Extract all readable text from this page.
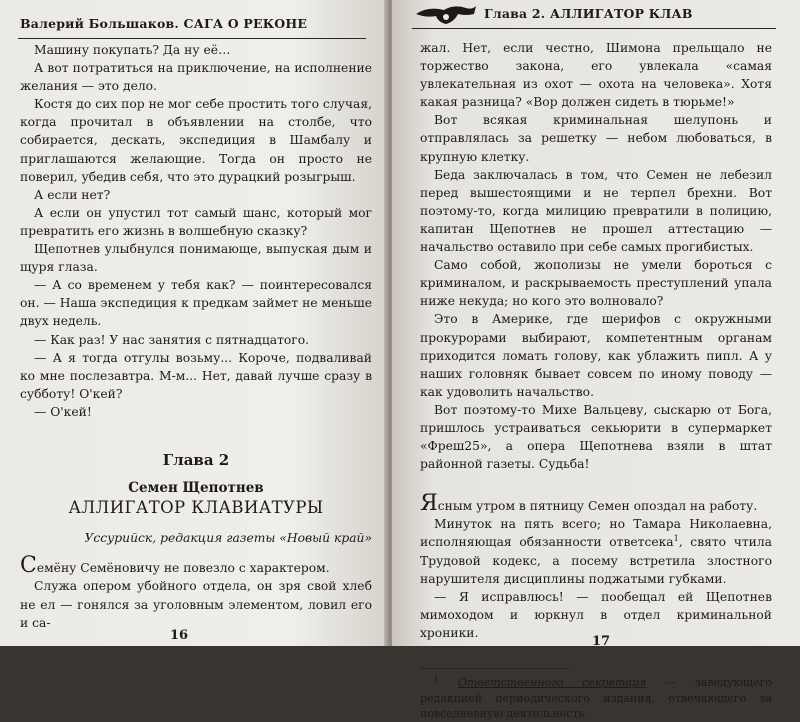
Валерий Большаков. САГА О РЕКОНЕ

Машину покупать? Да ну её…

А вот потратиться на приключение, на исполнение желания — это дело.

Костя до сих пор не мог себе простить того случая, когда прочитал в объявлении на столбе, что собирается, дескать, экспедиция в Шамбалу и приглашаются желающие. Тогда он просто не поверил, убедив себя, что это дурацкий розыгрыш.

А если нет?

А если он упустил тот самый шанс, который мог превратить его жизнь в волшебную сказку?

Щепотнев улыбнулся понимающе, выпуская дым и щуря глаза.

— А со временем у тебя как? — поинтересовался он. — Наша экспедиция к предкам займет не меньше двух недель.

— Как раз! У нас занятия с пятнадцатого.

— А я тогда отгулы возьму... Короче, подваливай ко мне послезавтра. М-м... Нет, давай лучше сразу в субботу! О'кей?

— О'кей!

Глава 2
Семен Щепотнев
АЛЛИГАТОР КЛАВИАТУРЫ
Уссурийск, редакция газеты «Новый край»

Семёну Семёновичу не повезло с характером.

Служа опером убойного отдела, он зря свой хлеб не ел — гонялся за уголовным элементом, ловил его и са-

16
Глава 2. АЛЛИГАТОР КЛАВ

жал. Нет, если честно, Шимона прельщало не торжество закона, его увлекала «самая увлекательная из охот — охота на человека». Хотя какая разница? «Вор должен сидеть в тюрьме!»

Вот всякая криминальная шелупонь и отправлялась за решетку — небом любоваться, в крупную клетку.

Беда заключалась в том, что Семен не лебезил перед вышестоящими и не терпел брехни. Вот поэтому-то, когда милицию превратили в полицию, капитан Щепотнев не прошел аттестацию — начальство оставило при себе самых прогибистых.

Само собой, жополизы не умели бороться с криминалом, и раскрываемость преступлений упала ниже некуда; но кого это волновало?

Это в Америке, где шерифов с окружными прокурорами выбирают, компетентным органам приходится ломать голову, как ублажить пипл. А у наших головняк бывает совсем по иному поводу — как удоволить начальство.

Вот поэтому-то Михе Вальцеву, сыскарю от Бога, пришлось устраиваться секьюрити в супермаркет «Фреш25», а опера Щепотнева взяли в штат районной газеты. Судьба!

Ясным утром в пятницу Семен опоздал на работу.

Минуток на пять всего; но Тамара Николаевна, исполняющая обязанности ответсека$^1$, свято чтила Трудовой кодекс, а посему встретила злостного нарушителя дисциплины поджатыми губками.

— Я исправлюсь! — пообещал ей Щепотнев мимоходом и юркнул в отдел криминальной хроники.

$^1$ Ответственного секретаря — заведующего редакцией периодического издания, отвечающего за повседневную деятельность.

17
